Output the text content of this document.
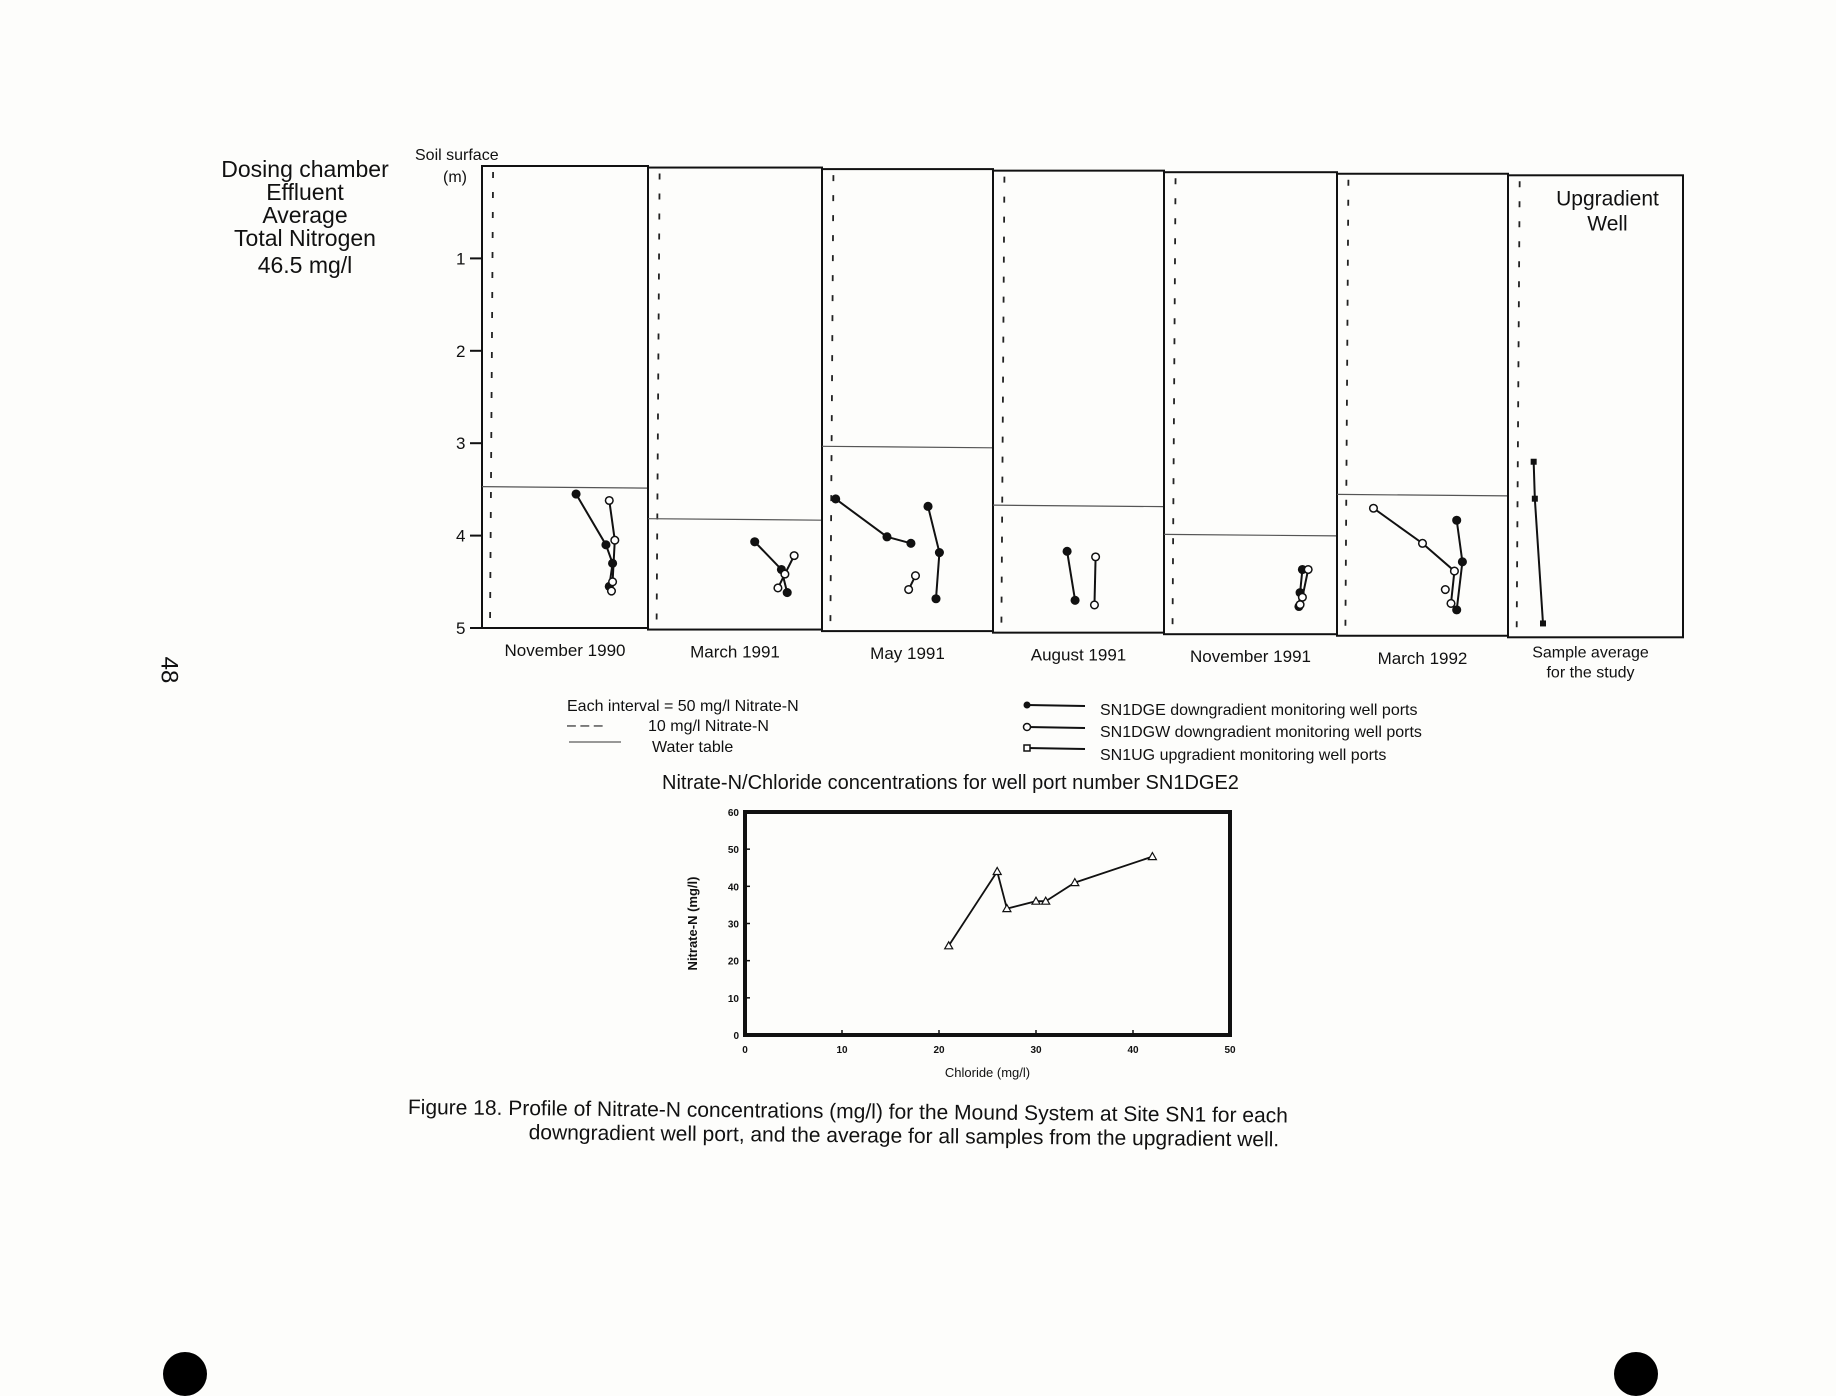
Dosing chamber
Effluent
Average
Total Nitrogen
46.5 mg/l
48
Soil surface
(m)
1
2
3
4
5
November 1990	March 1991	May 1991	August 1991	November 1991	March 1992	Sample average
for the study
Upgradient
Well
Each interval = 50 mg/l Nitrate-N
– – –	10 mg/l Nitrate-N
Water table
SN1DGE downgradient monitoring well ports
SN1DGW downgradient monitoring well ports
SN1UG upgradient monitoring well ports
0	10	20	30	40	50
0
10
20
30
40
50
60
Chloride (mg/l)
Nitrate-N (mg/l)
Nitrate-N/Chloride concentrations for well port number SN1DGE2
Figure 18. Profile of Nitrate-N concentrations (mg/l) for the Mound System at Site SN1 for each
downgradient well port, and the average for all samples from the upgradient well.
